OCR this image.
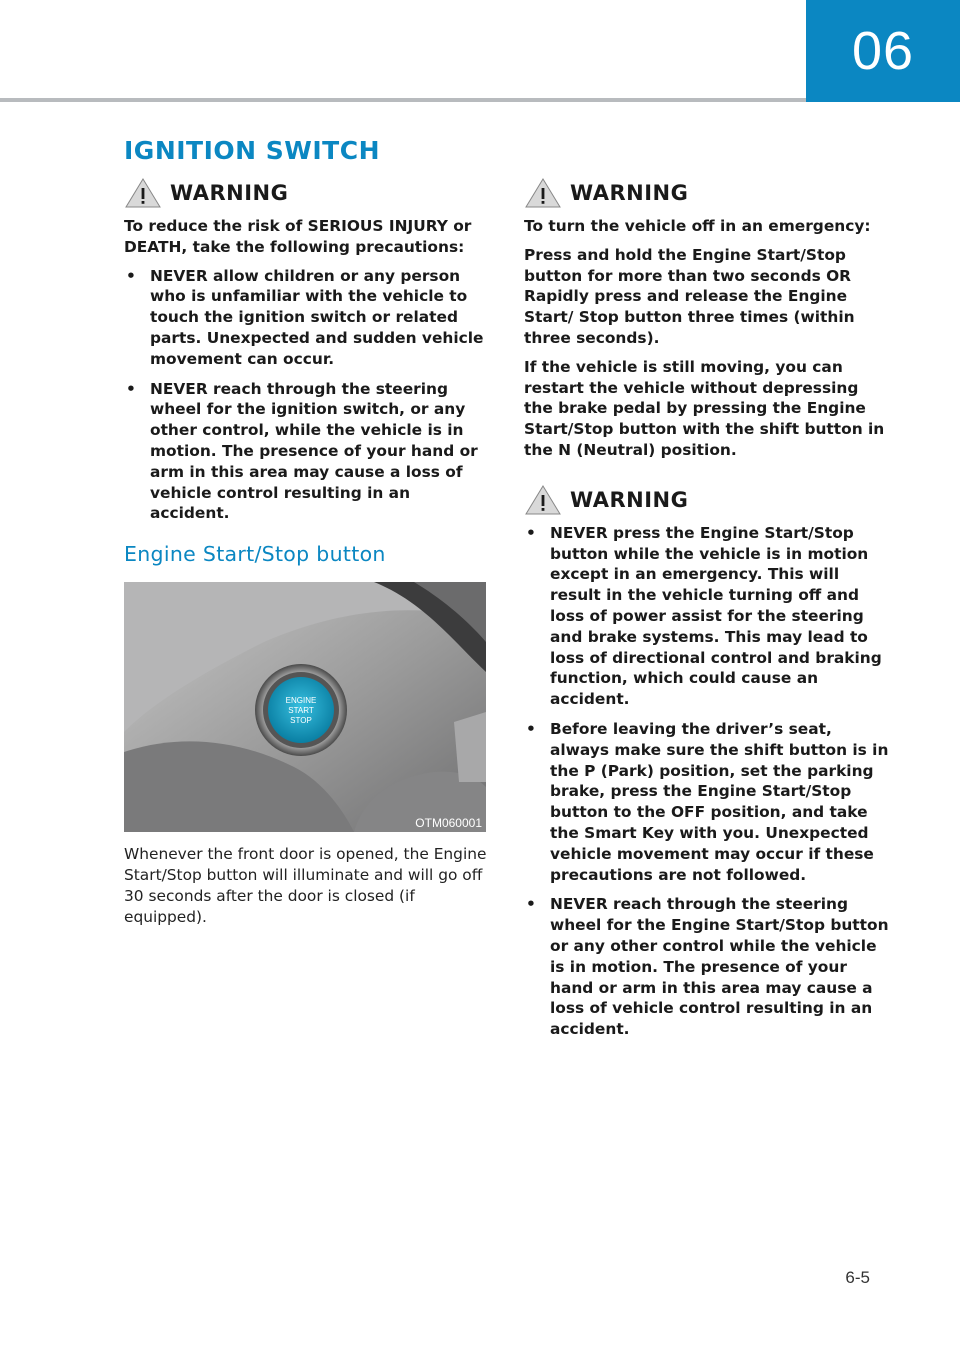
06
IGNITION SWITCH
WARNING

To reduce the risk of SERIOUS INJURY or DEATH, take the following precautions:

• NEVER allow children or any person who is unfamiliar with the vehicle to touch the ignition switch or related parts. Unexpected and sudden vehicle movement can occur.
• NEVER reach through the steering wheel for the ignition switch, or any other control, while the vehicle is in motion. The presence of your hand or arm in this area may cause a loss of vehicle control resulting in an accident.
Engine Start/Stop button
ENGINE
START
STOP
OTM060001

Whenever the front door is opened, the Engine Start/Stop button will illuminate and will go off 30 seconds after the door is closed (if equipped).

WARNING

To turn the vehicle off in an emergency:

Press and hold the Engine Start/Stop button for more than two seconds OR Rapidly press and release the Engine Start/ Stop button three times (within three seconds).

If the vehicle is still moving, you can restart the vehicle without depressing the brake pedal by pressing the Engine Start/Stop button with the shift button in the N (Neutral) position.

WARNING
• NEVER press the Engine Start/Stop button while the vehicle is in motion except in an emergency. This will result in the vehicle turning off and loss of power assist for the steering and brake systems. This may lead to loss of directional control and braking function, which could cause an accident.
• Before leaving the driver’s seat, always make sure the shift button is in the P (Park) position, set the parking brake, press the Engine Start/Stop button to the OFF position, and take the Smart Key with you. Unexpected vehicle movement may occur if these precautions are not followed.
• NEVER reach through the steering wheel for the Engine Start/Stop button or any other control while the vehicle is in motion. The presence of your hand or arm in this area may cause a loss of vehicle control resulting in an accident.
6-5
